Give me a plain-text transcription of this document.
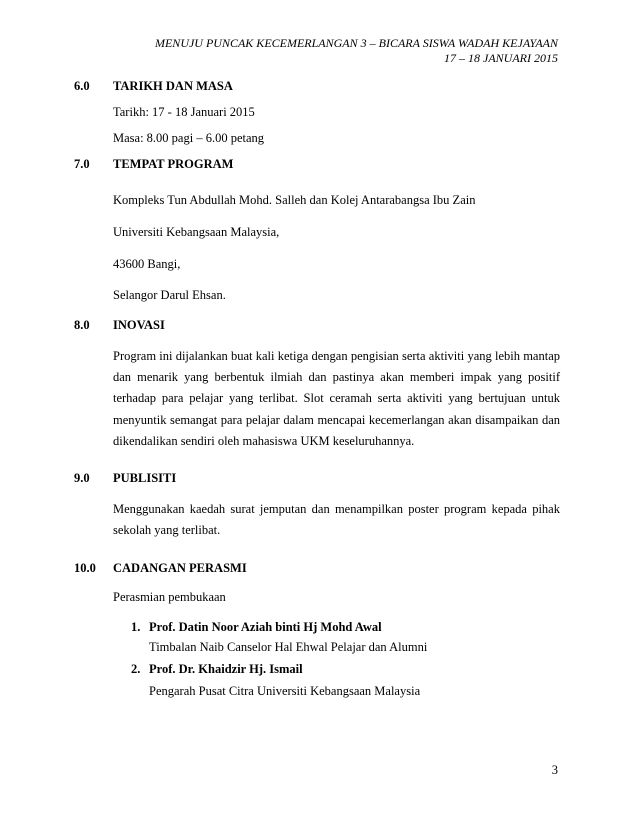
MENUJU PUNCAK KECEMERLANGAN 3 – BICARA SISWA WADAH KEJAYAAN
17 – 18 JANUARI 2015
6.0 TARIKH DAN MASA
Tarikh: 17 - 18 Januari 2015
Masa: 8.00 pagi – 6.00 petang
7.0 TEMPAT PROGRAM
Kompleks Tun Abdullah Mohd. Salleh dan Kolej Antarabangsa Ibu Zain
Universiti Kebangsaan Malaysia,
43600 Bangi,
Selangor Darul Ehsan.
8.0 INOVASI
Program ini dijalankan buat kali ketiga dengan pengisian serta aktiviti yang lebih mantap dan menarik yang berbentuk ilmiah dan pastinya akan memberi impak yang positif terhadap para pelajar yang terlibat. Slot ceramah serta aktiviti yang bertujuan untuk menyuntik semangat para pelajar dalam mencapai kecemerlangan akan disampaikan dan dikendalikan sendiri oleh mahasiswa UKM keseluruhannya.
9.0 PUBLISITI
Menggunakan kaedah surat jemputan dan menampilkan poster program kepada pihak sekolah yang terlibat.
10.0 CADANGAN PERASMI
Perasmian pembukaan
1. Prof. Datin Noor Aziah binti Hj Mohd Awal
Timbalan Naib Canselor Hal Ehwal Pelajar dan Alumni
2. Prof. Dr. Khaidzir Hj. Ismail
Pengarah Pusat Citra Universiti Kebangsaan Malaysia
3
